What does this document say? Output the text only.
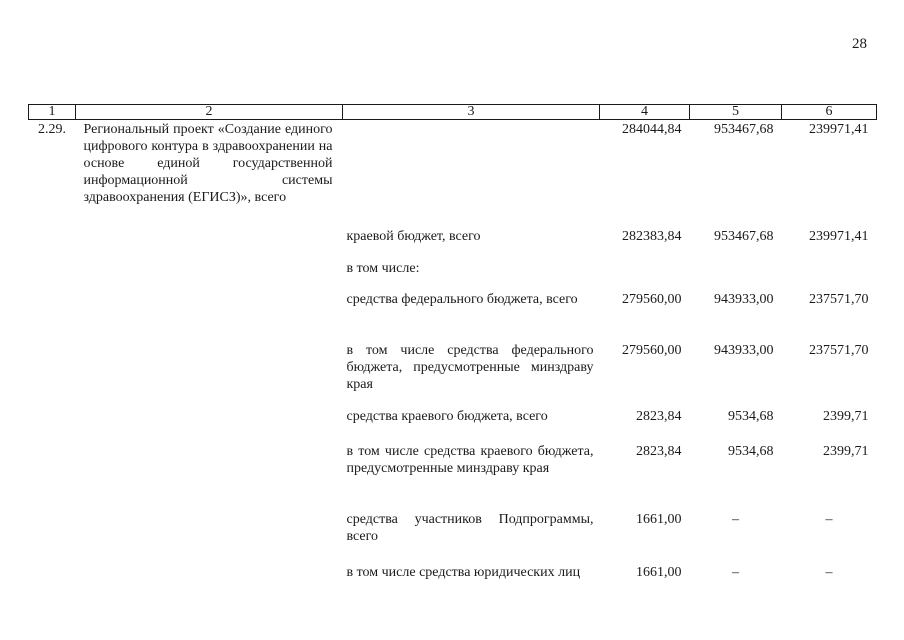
28
1	2	3	4	5	6
2.29.	Региональный проект «Создание единого цифрового контура в здравоохранении на основе единой государственной информационной системы здравоохранения (ЕГИСЗ)», всего		284044,84	953467,68	239971,41
		краевой бюджет, всего	282383,84	953467,68	239971,41
		в том числе:			
		средства федерального бюджета, всего	279560,00	943933,00	237571,70
		в том числе средства федерального бюджета, предусмотренные минздраву края	279560,00	943933,00	237571,70
		средства краевого бюджета, всего	2823,84	9534,68	2399,71
		в том числе средства краевого бюджета, предусмотренные минздраву края	2823,84	9534,68	2399,71
		средства участников Подпрограммы, всего	1661,00	–	–
		в том числе средства юридических лиц	1661,00	–	–
